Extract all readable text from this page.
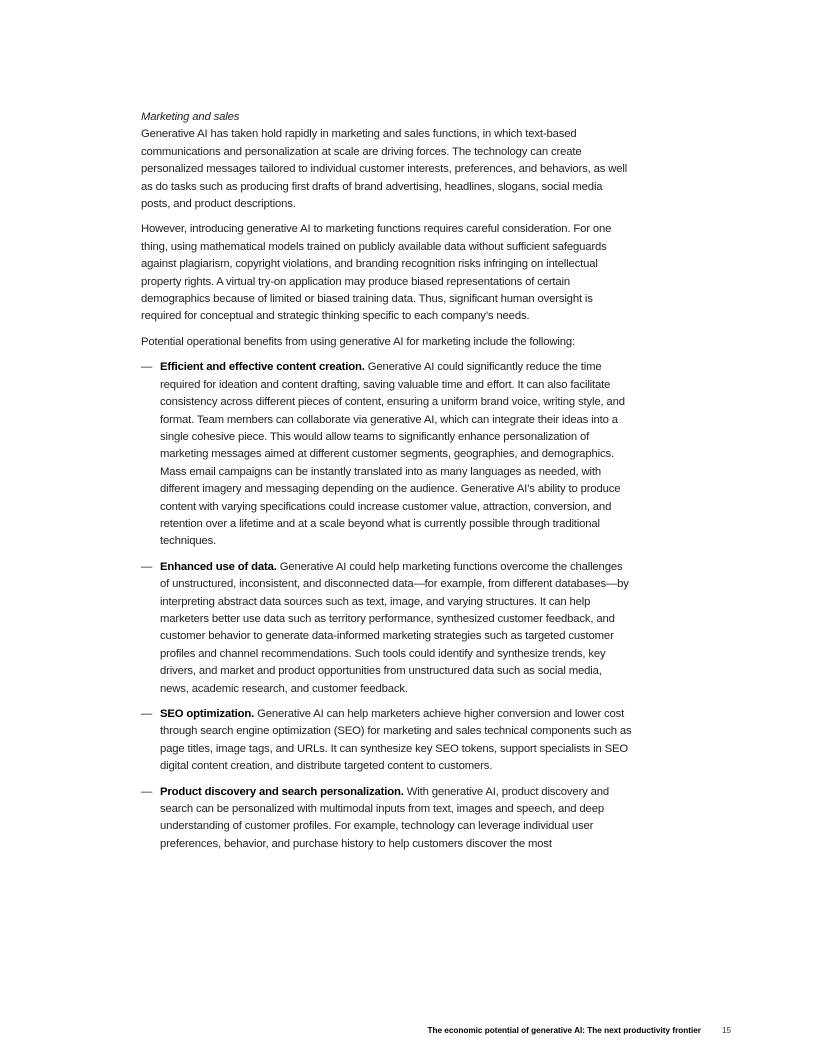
Marketing and sales

Generative AI has taken hold rapidly in marketing and sales functions, in which text-based communications and personalization at scale are driving forces. The technology can create personalized messages tailored to individual customer interests, preferences, and behaviors, as well as do tasks such as producing first drafts of brand advertising, headlines, slogans, social media posts, and product descriptions.

However, introducing generative AI to marketing functions requires careful consideration. For one thing, using mathematical models trained on publicly available data without sufficient safeguards against plagiarism, copyright violations, and branding recognition risks infringing on intellectual property rights. A virtual try-on application may produce biased representations of certain demographics because of limited or biased training data. Thus, significant human oversight is required for conceptual and strategic thinking specific to each company’s needs.

Potential operational benefits from using generative AI for marketing include the following:

— Efficient and effective content creation. Generative AI could significantly reduce the time required for ideation and content drafting, saving valuable time and effort. It can also facilitate consistency across different pieces of content, ensuring a uniform brand voice, writing style, and format. Team members can collaborate via generative AI, which can integrate their ideas into a single cohesive piece. This would allow teams to significantly enhance personalization of marketing messages aimed at different customer segments, geographies, and demographics. Mass email campaigns can be instantly translated into as many languages as needed, with different imagery and messaging depending on the audience. Generative AI’s ability to produce content with varying specifications could increase customer value, attraction, conversion, and retention over a lifetime and at a scale beyond what is currently possible through traditional techniques.
— Enhanced use of data. Generative AI could help marketing functions overcome the challenges of unstructured, inconsistent, and disconnected data—for example, from different databases—by interpreting abstract data sources such as text, image, and varying structures. It can help marketers better use data such as territory performance, synthesized customer feedback, and customer behavior to generate data-informed marketing strategies such as targeted customer profiles and channel recommendations. Such tools could identify and synthesize trends, key drivers, and market and product opportunities from unstructured data such as social media, news, academic research, and customer feedback.
— SEO optimization. Generative AI can help marketers achieve higher conversion and lower cost through search engine optimization (SEO) for marketing and sales technical components such as page titles, image tags, and URLs. It can synthesize key SEO tokens, support specialists in SEO digital content creation, and distribute targeted content to customers.
— Product discovery and search personalization. With generative AI, product discovery and search can be personalized with multimodal inputs from text, images and speech, and deep understanding of customer profiles. For example, technology can leverage individual user preferences, behavior, and purchase history to help customers discover the most
The economic potential of generative AI: The next productivity frontier	15
